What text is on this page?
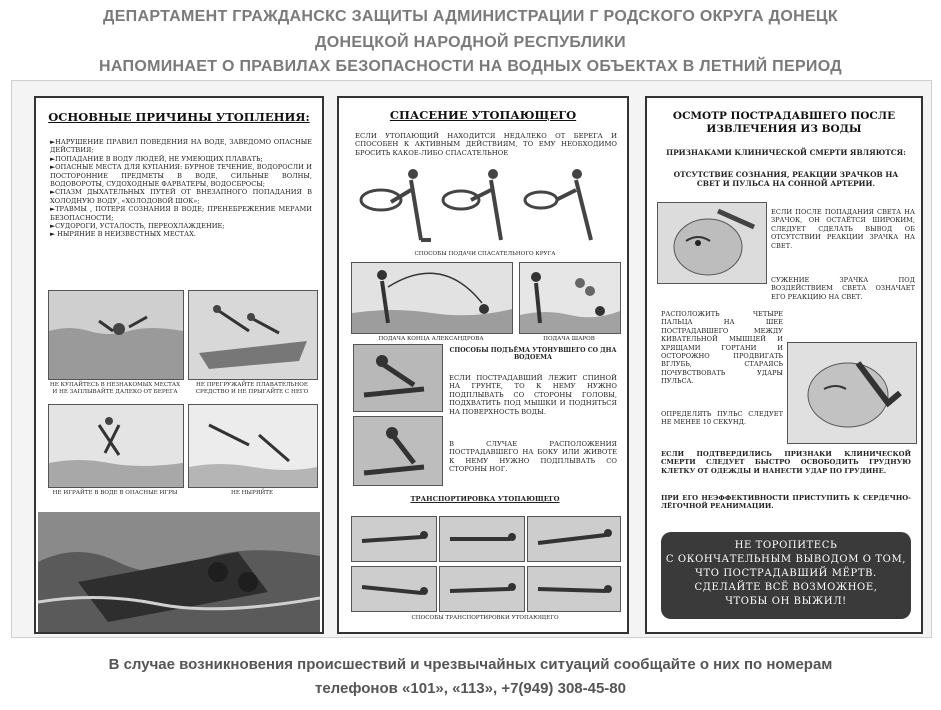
ДЕПАРТАМЕНТ ГРАЖДАНСКС ЗАЩИТЫ АДМИНИСТРАЦИИ Г РОДСКОГО ОКРУГА ДОНЕЦК
ДОНЕЦКОЙ НАРОДНОЙ РЕСПУБЛИКИ
НАПОМИНАЕТ О ПРАВИЛАХ БЕЗОПАСНОСТИ НА ВОДНЫХ ОБЪЕКТАХ В ЛЕТНИЙ ПЕРИОД
ОСНОВНЫЕ ПРИЧИНЫ УТОПЛЕНИЯ:
►НАРУШЕНИЕ ПРАВИЛ ПОВЕДЕНИЯ НА ВОДЕ, ЗАВЕДОМО ОПАСНЫЕ ДЕЙСТВИЯ;
►ПОПАДАНИЕ В ВОДУ ЛЮДЕЙ, НЕ УМЕЮЩИХ ПЛАВАТЬ;
►ОПАСНЫЕ МЕСТА ДЛЯ КУПАНИЯ: БУРНОЕ ТЕЧЕНИЕ, ВОДОРОСЛИ И ПОСТОРОННИЕ ПРЕДМЕТЫ В ВОДЕ, СИЛЬНЫЕ ВОЛНЫ, ВОДОВОРОТЫ, СУДОХОДНЫЕ ФАРВАТЕРЫ, ВОДОСБРОСЫ;
►СПАЗМ ДЫХАТЕЛЬНЫХ ПУТЕЙ ОТ ВНЕЗАПНОГО ПОПАДАНИЯ В ХОЛОДНУЮ ВОДУ, «ХОЛОДОВОЙ ШОК»;
►ТРАВМЫ , ПОТЕРЯ СОЗНАНИЯ В ВОДЕ; ПРЕНЕБРЕЖЕНИЕ МЕРАМИ БЕЗОПАСНОСТИ;
►СУДОРОГИ, УСТАЛОСТЬ, ПЕРЕОХЛАЖДЕНИЕ;
► НЫРЯНИЕ В НЕИЗВЕСТНЫХ МЕСТАХ.
НЕ КУПАЙТЕСЬ В НЕЗНАКОМЫХ МЕСТАХ И НЕ ЗАПЛЫВАЙТЕ ДАЛЕКО ОТ БЕРЕГА
НЕ ПРЕГРУЖАЙТЕ ПЛАВАТЕЛЬНОЕ СРЕДСТВО И НЕ ПРЫГАЙТЕ С НЕГО
НЕ ИГРАЙТЕ В ВОДЕ В ОПАСНЫЕ ИГРЫ	НЕ НЫРЯЙТЕ
СПАСЕНИЕ УТОПАЮЩЕГО
ЕСЛИ УТОПАЮЩИЙ НАХОДИТСЯ НЕДАЛЕКО ОТ БЕРЕГА И СПОСОБЕН К АКТИВНЫМ ДЕЙСТВИЯМ, ТО ЕМУ НЕОБХОДИМО БРОСИТЬ КАКОЕ-ЛИБО СПАСАТЕЛЬНОЕ
СПОСОБЫ ПОДАЧИ СПАСАТЕЛЬНОГО КРУГА
ПОДАЧА КОНЦА АЛЕКСАНДРОВА	ПОДАЧА ШАРОВ
СПОСОБЫ ПОДЪЁМА УТОНУВШЕГО СО ДНА ВОДОЕМА
ЕСЛИ ПОСТРАДАВШИЙ ЛЕЖИТ СПИНОЙ НА ГРУНТЕ, ТО К НЕМУ НУЖНО ПОДПЛЫВАТЬ СО СТОРОНЫ ГОЛОВЫ, ПОДХВАТИТЬ ПОД МЫШКИ И ПОДНЯТЬСЯ НА ПОВЕРХНОСТЬ ВОДЫ.
В СЛУЧАЕ РАСПОЛОЖЕНИЯ ПОСТРАДАВШЕГО НА БОКУ ИЛИ ЖИВОТЕ К НЕМУ НУЖНО ПОДПЛЫВАТЬ СО СТОРОНЫ НОГ.
ТРАНСПОРТИРОВКА УТОПАЮЩЕГО
СПОСОБЫ ТРАНСПОРТИРОВКИ УТОПАЮЩЕГО
ОСМОТР ПОСТРАДАВШЕГО ПОСЛЕ ИЗВЛЕЧЕНИЯ ИЗ ВОДЫ
ПРИЗНАКАМИ КЛИНИЧЕСКОЙ СМЕРТИ ЯВЛЯЮТСЯ:
ОТСУТСТВИЕ СОЗНАНИЯ, РЕАКЦИИ ЗРАЧКОВ НА СВЕТ И ПУЛЬСА НА СОННОЙ АРТЕРИИ.
ЕСЛИ ПОСЛЕ ПОПАДАНИЯ СВЕТА НА ЗРАЧОК, ОН ОСТАЁТСЯ ШИРОКИМ, СЛЕДУЕТ СДЕЛАТЬ ВЫВОД ОБ ОТСУТСТВИИ РЕАКЦИИ ЗРАЧКА НА СВЕТ.
СУЖЕНИЕ ЗРАЧКА ПОД ВОЗДЕЙСТВИЕМ СВЕТА ОЗНАЧАЕТ ЕГО РЕАКЦИЮ НА СВЕТ.
РАСПОЛОЖИТЬ ЧЕТЫРЕ ПАЛЬЦА НА ШЕЕ ПОСТРАДАВШЕГО МЕЖДУ КИВАТЕЛЬНОЙ МЫШЦЕЙ И ХРЯЩАМИ ГОРТАНИ И ОСТОРОЖНО ПРОДВИГАТЬ ВГЛУБЬ, СТАРАЯСЬ ПОЧУВСТВОВАТЬ УДАРЫ ПУЛЬСА.
ОПРЕДЕЛЯТЬ ПУЛЬС СЛЕДУЕТ НЕ МЕНЕЕ 10 СЕКУНД.
ЕСЛИ ПОДТВЕРДИЛИСЬ ПРИЗНАКИ КЛИНИЧЕСКОЙ СМЕРТИ СЛЕДУЕТ БЫСТРО ОСВОБОДИТЬ ГРУДНУЮ КЛЕТКУ ОТ ОДЕЖДЫ И НАНЕСТИ УДАР ПО ГРУДИНЕ.
ПРИ ЕГО НЕЭФФЕКТИВНОСТИ ПРИСТУПИТЬ К СЕРДЕЧНО-ЛЁГОЧНОЙ РЕАНИМАЦИИ.
НЕ ТОРОПИТЕСЬ
С ОКОНЧАТЕЛЬНЫМ ВЫВОДОМ О ТОМ,
ЧТО ПОСТРАДАВШИЙ МЁРТВ.
СДЕЛАЙТЕ ВСЁ ВОЗМОЖНОЕ,
ЧТОБЫ ОН ВЫЖИЛ!
В случае возникновения происшествий и чрезвычайных ситуаций сообщайте о них по номерам
телефонов «101», «113», +7(949) 308-45-80
